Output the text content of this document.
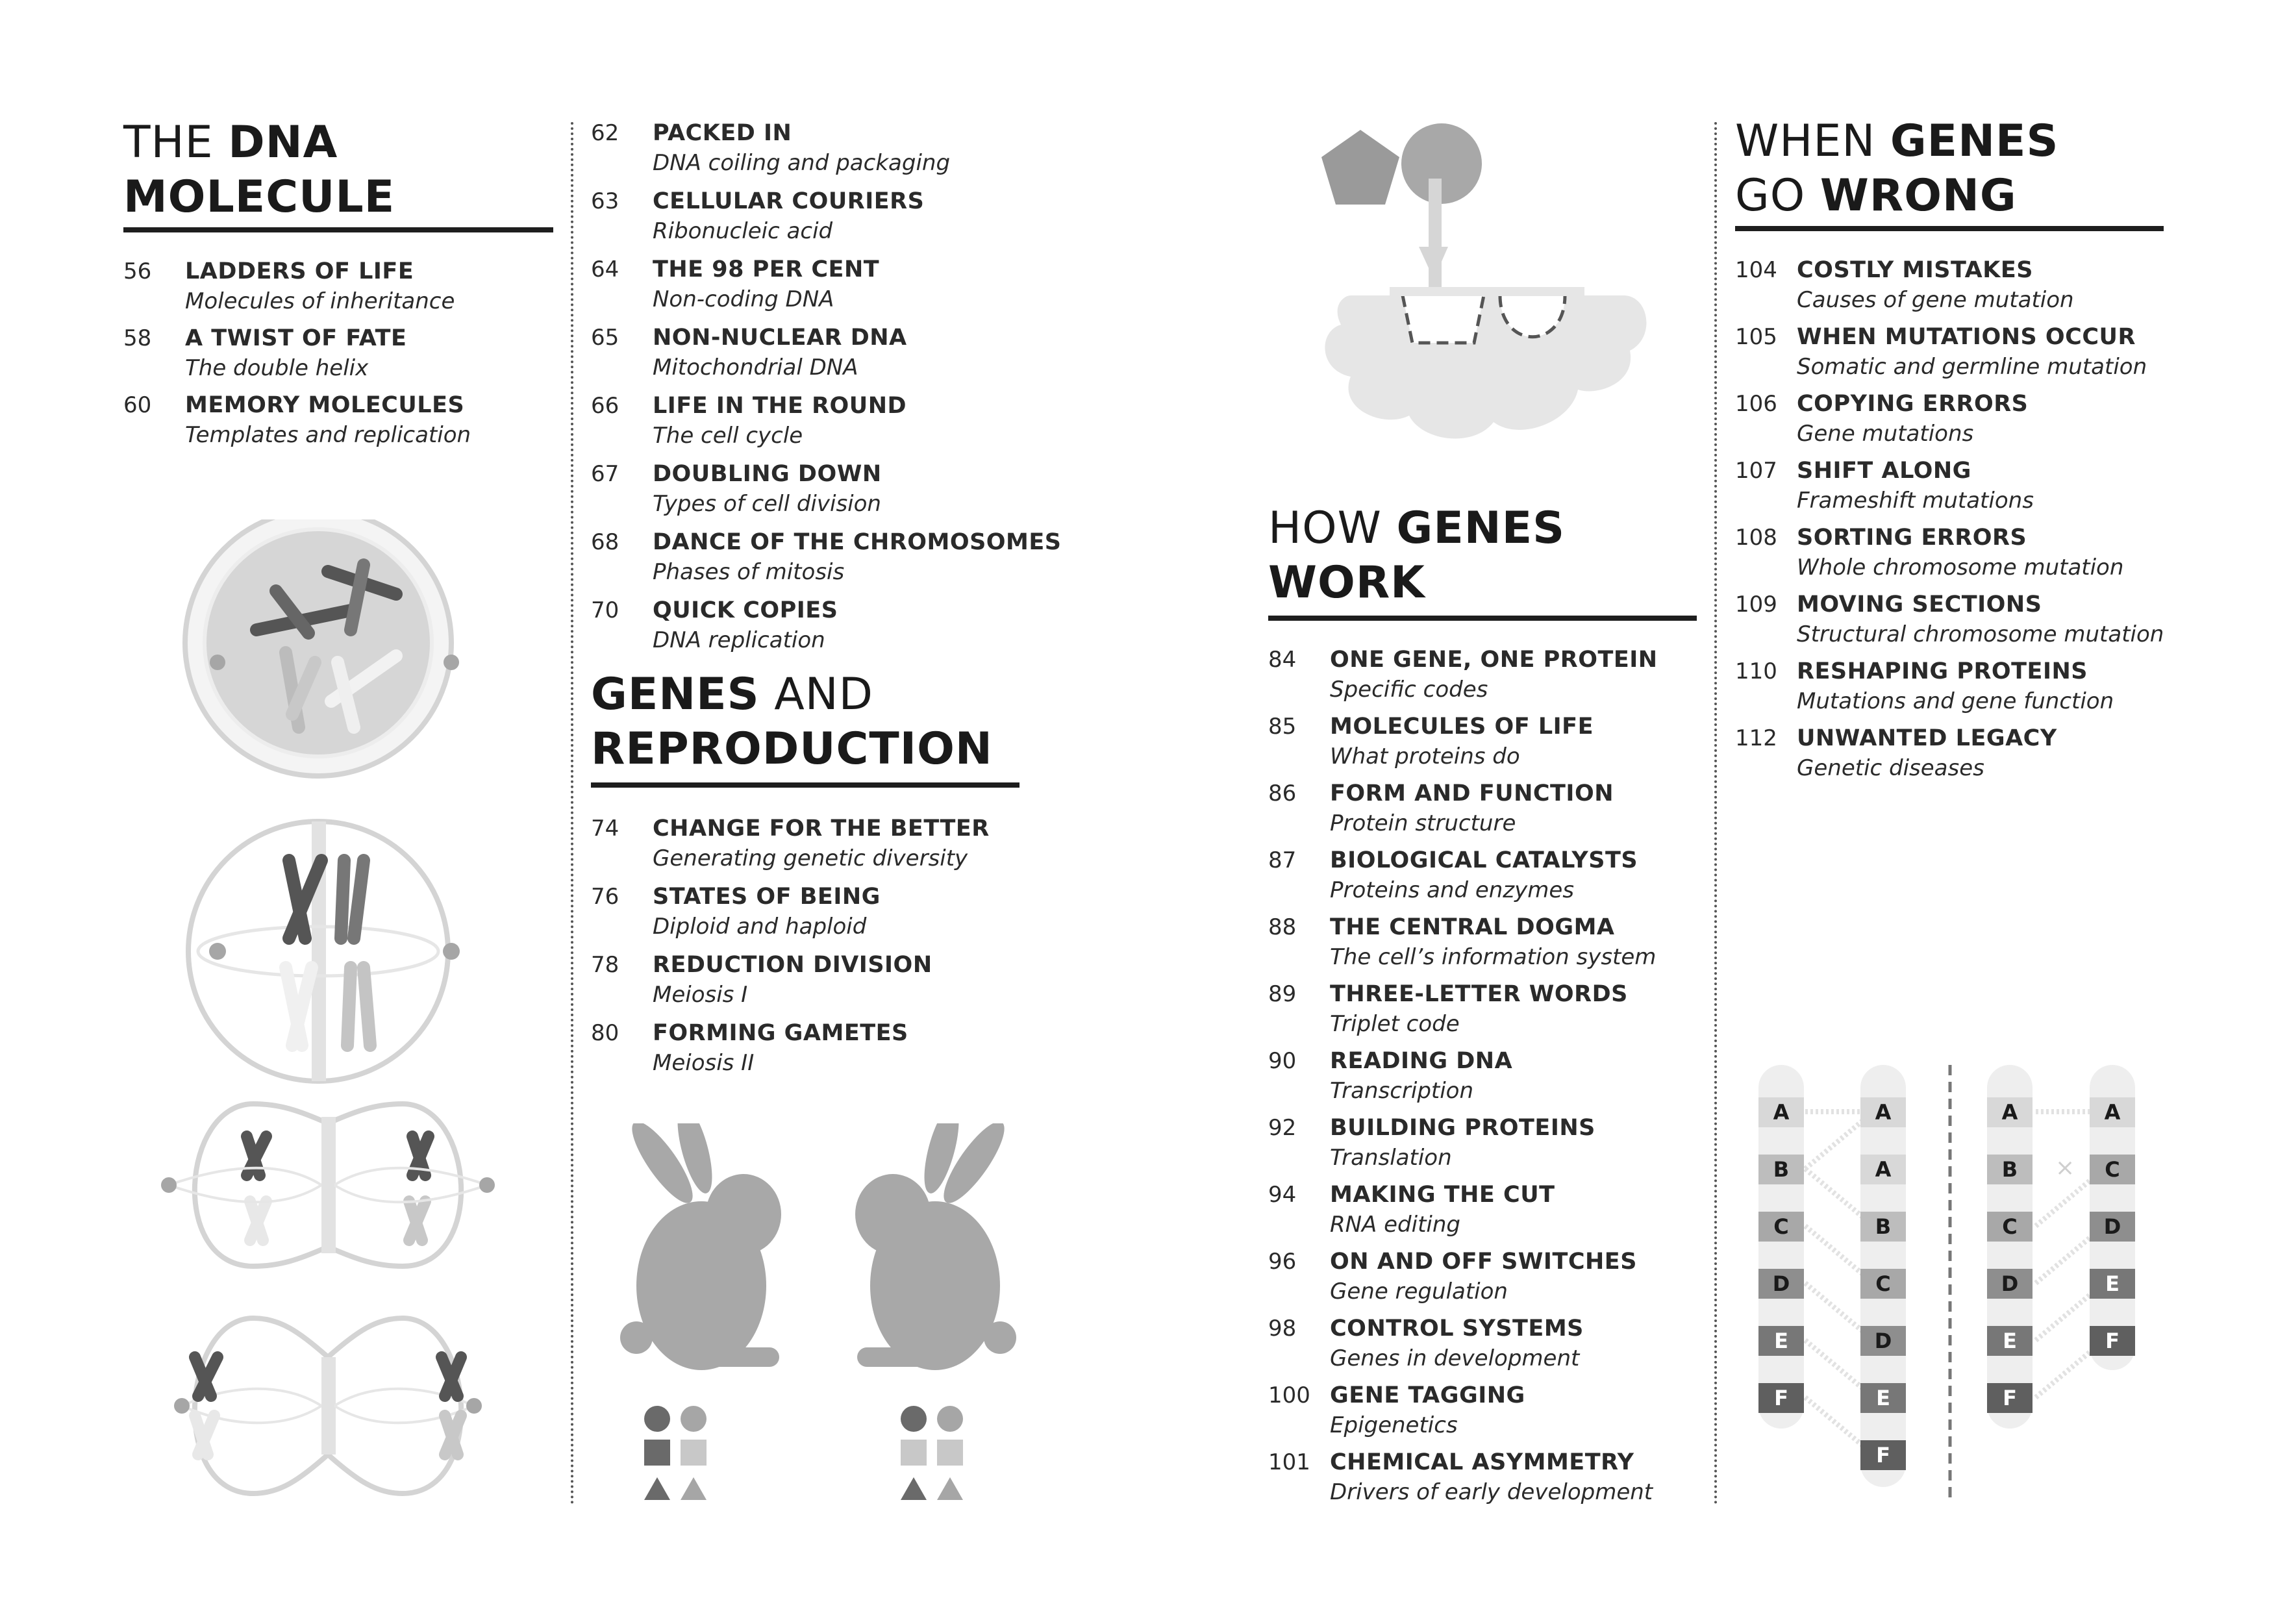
THE DNA
MOLECULE
GENES AND
REPRODUCTION
HOW GENES
WORK
WHEN GENES
GO WRONG
×
A
B
C
D
E
F
A
A
B
C
D
E
F
A
B
C
D
E
F
A
C
D
E
F
56 LADDERS OF LIFE
Molecules of inheritance
58 A TWIST OF FATE
The double helix
60 MEMORY MOLECULES
Templates and replication
62 PACKED IN
DNA coiling and packaging
63 CELLULAR COURIERS
Ribonucleic acid
64 THE 98 PER CENT
Non-coding DNA
65 NON-NUCLEAR DNA
Mitochondrial DNA
66 LIFE IN THE ROUND
The cell cycle
67 DOUBLING DOWN
Types of cell division
68 DANCE OF THE CHROMOSOMES
Phases of mitosis
70 QUICK COPIES
DNA replication
74 CHANGE FOR THE BETTER
Generating genetic diversity
76 STATES OF BEING
Diploid and haploid
78 REDUCTION DIVISION
Meiosis I
80 FORMING GAMETES
Meiosis II
84 ONE GENE, ONE PROTEIN
Specific codes
85 MOLECULES OF LIFE
What proteins do
86 FORM AND FUNCTION
Protein structure
87 BIOLOGICAL CATALYSTS
Proteins and enzymes
88 THE CENTRAL DOGMA
The cell’s information system
89 THREE-LETTER WORDS
Triplet code
90 READING DNA
Transcription
92 BUILDING PROTEINS
Translation
94 MAKING THE CUT
RNA editing
96 ON AND OFF SWITCHES
Gene regulation
98 CONTROL SYSTEMS
Genes in development
100 GENE TAGGING
Epigenetics
101 CHEMICAL ASYMMETRY
Drivers of early development
104 COSTLY MISTAKES
Causes of gene mutation
105 WHEN MUTATIONS OCCUR
Somatic and germline mutation
106 COPYING ERRORS
Gene mutations
107 SHIFT ALONG
Frameshift mutations
108 SORTING ERRORS
Whole chromosome mutation
109 MOVING SECTIONS
Structural chromosome mutation
110 RESHAPING PROTEINS
Mutations and gene function
112 UNWANTED LEGACY
Genetic diseases
